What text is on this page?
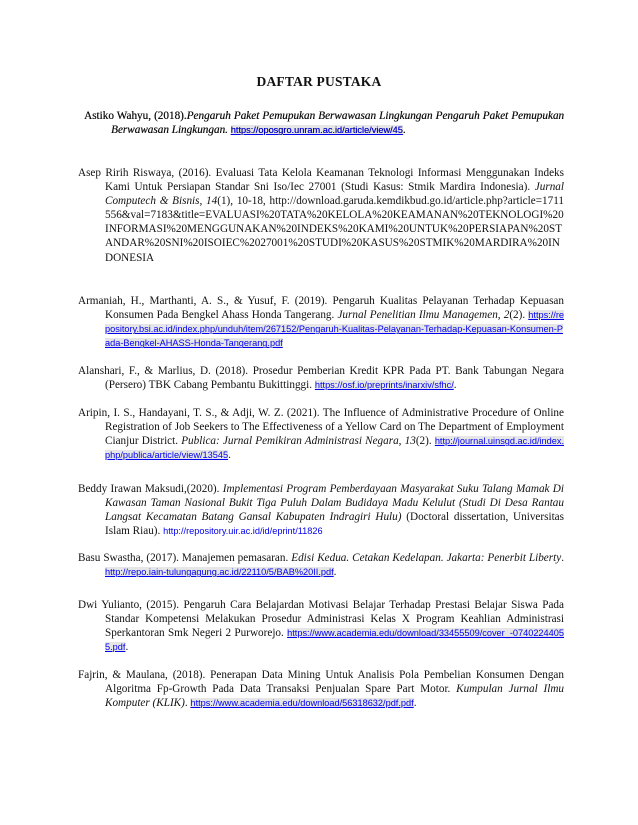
DAFTAR PUSTAKA
Astiko Wahyu, (2018).Pengaruh Paket Pemupukan Berwawasan Lingkungan Pengaruh Paket Pemupukan Berwawasan Lingkungan. https://oposgro.unram.ac.id/article/view/45.
Asep Ririh Riswaya, (2016). Evaluasi Tata Kelola Keamanan Teknologi Informasi Menggunakan Indeks Kami Untuk Persiapan Standar Sni Iso/Iec 27001 (Studi Kasus: Stmik Mardira Indonesia). Jurnal Computech & Bisnis, 14(1), 10-18, http://download.garuda.kemdikbud.go.id/article.php?article=1711556&val=7183&title=EVALUASI%20TATA%20KELOLA%20KEAMANAN%20TEKNOLOGI%20INFORMASI%20MENGGUNAKAN%20INDEKS%20KAMI%20UNTUK%20PERSIAPAN%20STANDAR%20SNI%20ISOIEC%2027001%20STUDI%20KASUS%20STMIK%20MARDIRA%20INDONESIA
Armaniah, H., Marthanti, A. S., & Yusuf, F. (2019). Pengaruh Kualitas Pelayanan Terhadap Kepuasan Konsumen Pada Bengkel Ahass Honda Tangerang. Jurnal Penelitian Ilmu Managemen, 2(2). https://repository.bsi.ac.id/index.php/unduh/item/267152/Pengaruh-Kualitas-Pelayanan-Terhadap-Kepuasan-Konsumen-Pada-Bengkel-AHASS-Honda-Tangerang.pdf
Alanshari, F., & Marlius, D. (2018). Prosedur Pemberian Kredit KPR Pada PT. Bank Tabungan Negara (Persero) TBK Cabang Pembantu Bukittinggi. https://osf.io/preprints/inarxiv/sfhc/.
Aripin, I. S., Handayani, T. S., & Adji, W. Z. (2021). The Influence of Administrative Procedure of Online Registration of Job Seekers to The Effectiveness of a Yellow Card on The Department of Employment Cianjur District. Publica: Jurnal Pemikiran Administrasi Negara, 13(2). http://journal.uinsgd.ac.id/index.php/publica/article/view/13545.
Beddy Irawan Maksudi,(2020). Implementasi Program Pemberdayaan Masyarakat Suku Talang Mamak Di Kawasan Taman Nasional Bukit Tiga Puluh Dalam Budidaya Madu Kelulut (Studi Di Desa Rantau Langsat Kecamatan Batang Gansal Kabupaten Indragiri Hulu) (Doctoral dissertation, Universitas Islam Riau). http://repository.uir.ac.id/id/eprint/11826
Basu Swastha, (2017). Manajemen pemasaran. Edisi Kedua. Cetakan Kedelapan. Jakarta: Penerbit Liberty. http://repo.iain-tulungagung.ac.id/22110/5/BAB%20II.pdf.
Dwi Yulianto, (2015). Pengaruh Cara Belajardan Motivasi Belajar Terhadap Prestasi Belajar Siswa Pada Standar Kompetensi Melakukan Prosedur Administrasi Kelas X Program Keahlian Administrasi Sperkantoran Smk Negeri 2 Purworejo. https://www.academia.edu/download/33455509/cover_-07402244055.pdf.
Fajrin, & Maulana, (2018). Penerapan Data Mining Untuk Analisis Pola Pembelian Konsumen Dengan Algoritma Fp-Growth Pada Data Transaksi Penjualan Spare Part Motor. Kumpulan Jurnal Ilmu Komputer (KLIK). https://www.academia.edu/download/56318632/pdf.pdf.
